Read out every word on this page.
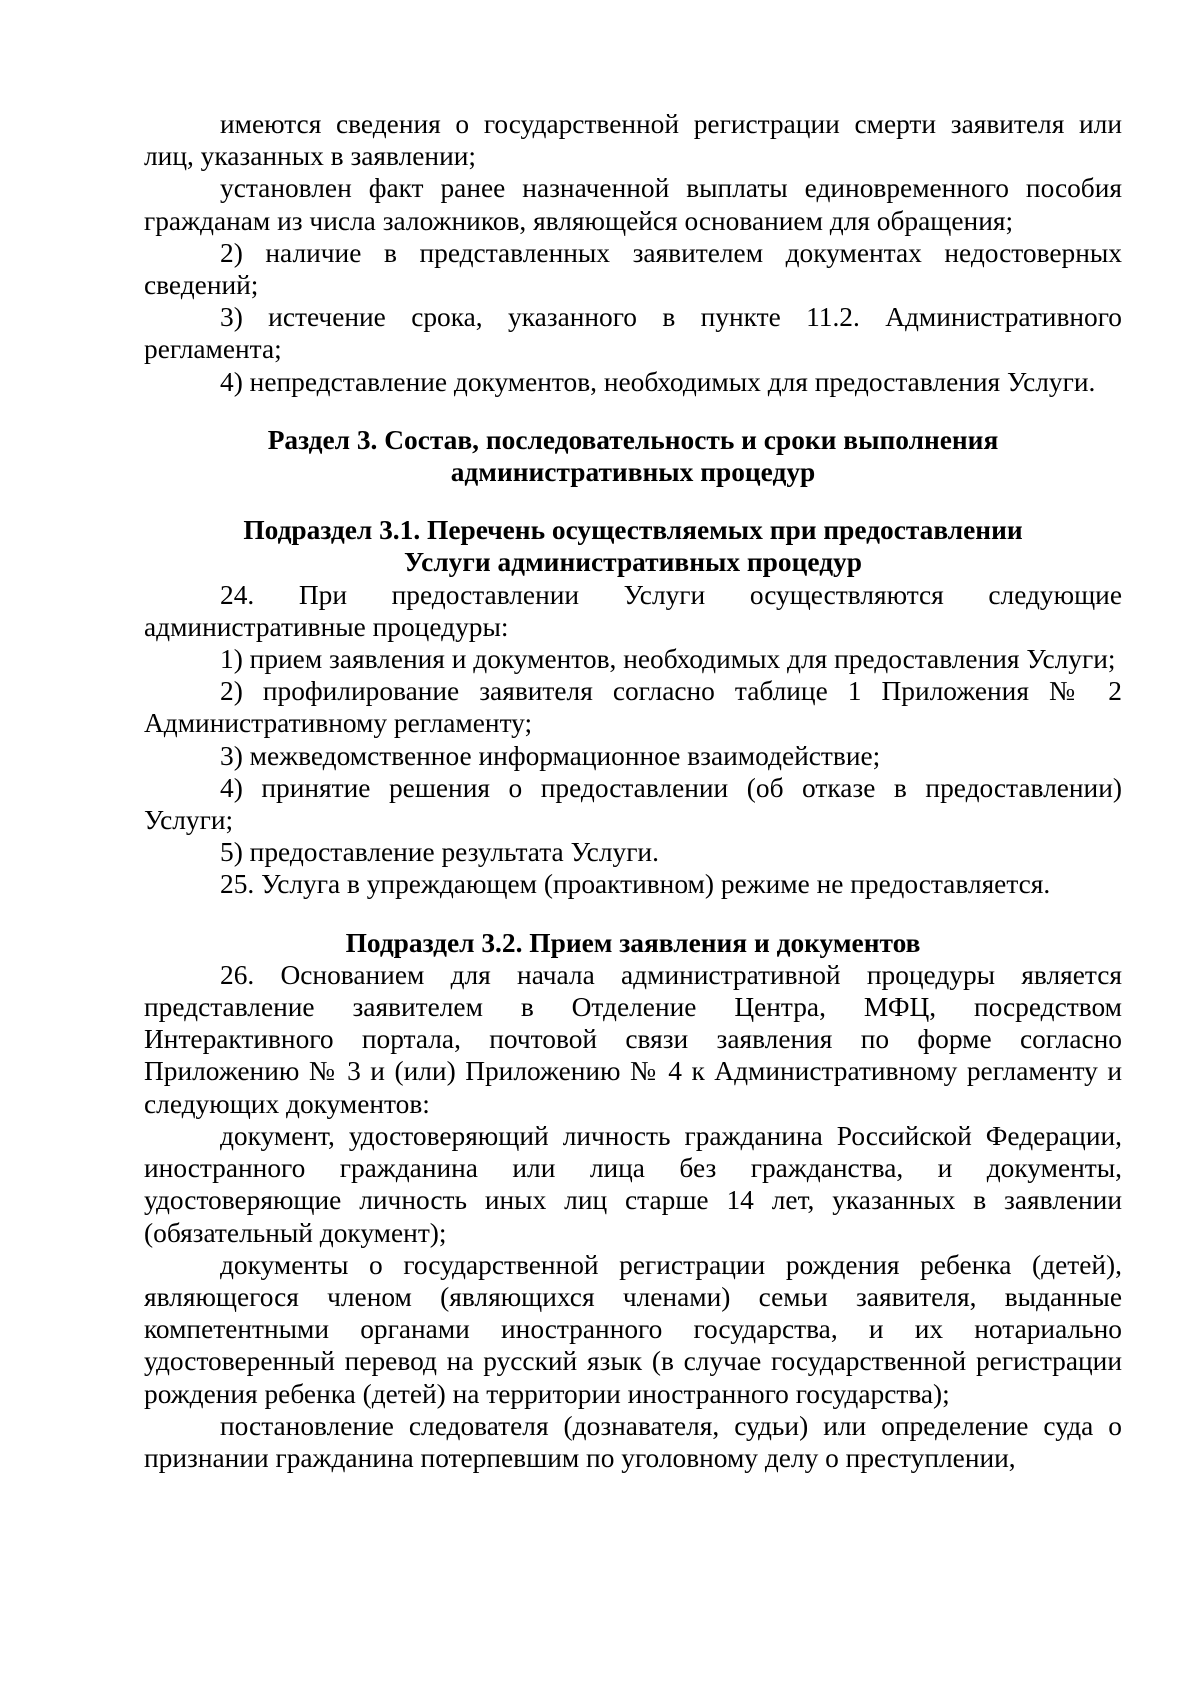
имеются сведения о государственной регистрации смерти заявителя или лиц, указанных в заявлении;

установлен факт ранее назначенной выплаты единовременного пособия гражданам из числа заложников, являющейся основанием для обращения;

2) наличие в представленных заявителем документах недостоверных сведений;

3) истечение срока, указанного в пункте 11.2. Административного регламента;

4) непредставление документов, необходимых для предоставления Услуги.

Раздел 3. Состав, последовательность и сроки выполнения
административных процедур
Подраздел 3.1. Перечень осуществляемых при предоставлении
Услуги административных процедур

24. При предоставлении Услуги осуществляются следующие административные процедуры:

1) прием заявления и документов, необходимых для предоставления Услуги;

2) профилирование заявителя согласно таблице 1 Приложения № 2 Административному регламенту;

3) межведомственное информационное взаимодействие;

4) принятие решения о предоставлении (об отказе в предоставлении) Услуги;

5) предоставление результата Услуги.

25. Услуга в упреждающем (проактивном) режиме не предоставляется.

Подраздел 3.2. Прием заявления и документов

26. Основанием для начала административной процедуры является представление заявителем в Отделение Центра, МФЦ, посредством Интерактивного портала, почтовой связи заявления по форме согласно Приложению № 3 и (или) Приложению № 4 к Административному регламенту и следующих документов:

документ, удостоверяющий личность гражданина Российской Федерации, иностранного гражданина или лица без гражданства, и документы, удостоверяющие личность иных лиц старше 14 лет, указанных в заявлении (обязательный документ);

документы о государственной регистрации рождения ребенка (детей), являющегося членом (являющихся членами) семьи заявителя, выданные компетентными органами иностранного государства, и их нотариально удостоверенный перевод на русский язык (в случае государственной регистрации рождения ребенка (детей) на территории иностранного государства);

постановление следователя (дознавателя, судьи) или определение суда о признании гражданина потерпевшим по уголовному делу о преступлении,
